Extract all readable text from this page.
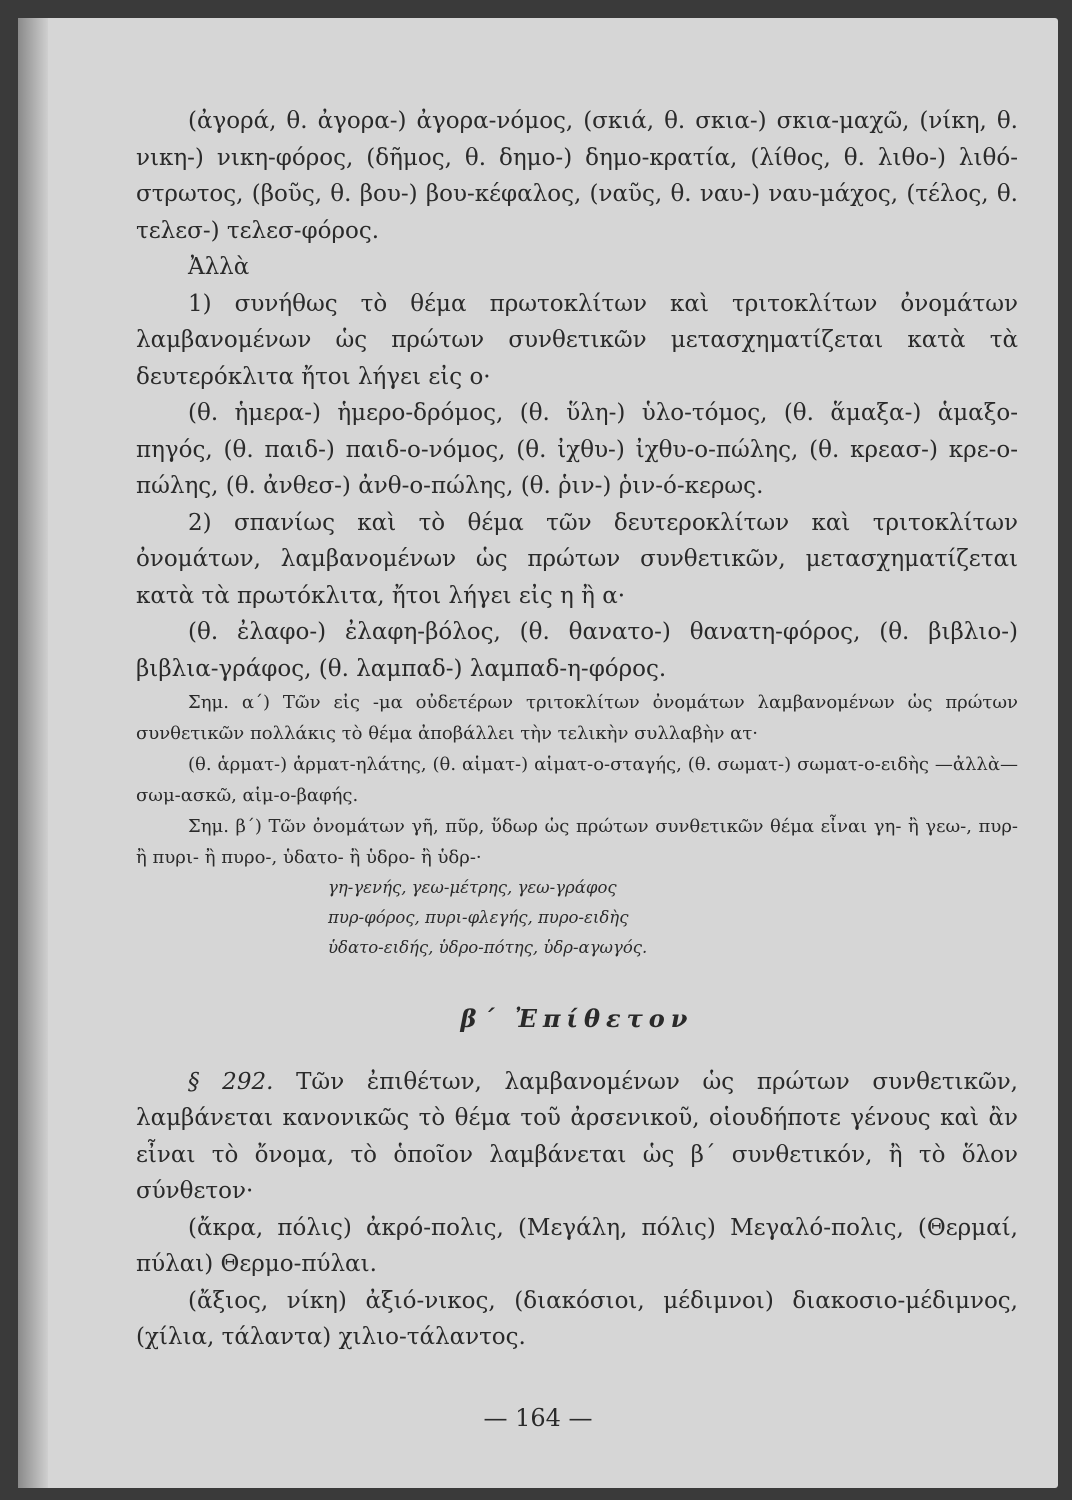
(ἀγορά, θ. ἀγορα-) ἀγορα-νόμος, (σκιά, θ. σκια-) σκια-μαχῶ, (νίκη, θ. νικη-) νικη-φόρος, (δῆμος, θ. δημο-) δημο-κρατία, (λίθος, θ. λιθο-) λιθό-στρωτος, (βοῦς, θ. βου-) βου-κέφαλος, (ναῦς, θ. ναυ-) ναυ-μάχος, (τέλος, θ. τελεσ-) τελεσ-φόρος.

Ἀλλὰ

1) συνήθως τὸ θέμα πρωτοκλίτων καὶ τριτοκλίτων ὀνομάτων λαμβανομένων ὡς πρώτων συνθετικῶν μετασχηματίζεται κατὰ τὰ δευτερόκλιτα ἤτοι λήγει εἰς ο·

(θ. ἡμερα-) ἡμερο-δρόμος, (θ. ὕλη-) ὑλο-τόμος, (θ. ἅμαξα-) ἁμαξο-πηγός, (θ. παιδ-) παιδ-ο-νόμος, (θ. ἰχθυ-) ἰχθυ-ο-πώλης, (θ. κρεασ-) κρε-ο-πώλης, (θ. ἀνθεσ-) ἀνθ-ο-πώλης, (θ. ῥιν-) ῥιν-ό-κερως.

2) σπανίως καὶ τὸ θέμα τῶν δευτεροκλίτων καὶ τριτοκλίτων ὀνομάτων, λαμβανομένων ὡς πρώτων συνθετικῶν, μετασχηματίζεται κατὰ τὰ πρωτόκλιτα, ἤτοι λήγει εἰς η ἢ α·

(θ. ἐλαφο-) ἐλαφη-βόλος, (θ. θανατο-) θανατη-φόρος, (θ. βιβλιο-) βιβλια-γράφος, (θ. λαμπαδ-) λαμπαδ-η-φόρος.

Σημ. α΄) Τῶν εἰς -μα οὐδετέρων τριτοκλίτων ὀνομάτων λαμβανομένων ὡς πρώτων συνθετικῶν πολλάκις τὸ θέμα ἀποβάλλει τὴν τελικὴν συλλαβὴν ατ·

(θ. ἁρματ-) ἁρματ-ηλάτης, (θ. αἱματ-) αἱματ-ο-σταγής, (θ. σωματ-) σωματ-ο-ειδὴς —ἀλλὰ— σωμ-ασκῶ, αἱμ-ο-βαφής.

Σημ. β΄) Τῶν ὀνομάτων γῆ, πῦρ, ὕδωρ ὡς πρώτων συνθετικῶν θέμα εἶναι γη- ἢ γεω-, πυρ- ἢ πυρι- ἢ πυρο-, ὑδατο- ἢ ὑδρο- ἢ ὑδρ-·

γη-γενής, γεω-μέτρης, γεω-γράφος
πυρ-φόρος, πυρι-φλεγής, πυρο-ειδὴς
ὑδατο-ειδής, ὑδρο-πότης, ὑδρ-αγωγός.
β΄ Ἐπίθετον

§ 292. Τῶν ἐπιθέτων, λαμβανομένων ὡς πρώτων συνθετικῶν, λαμβάνεται κανονικῶς τὸ θέμα τοῦ ἀρσενικοῦ, οἱουδήποτε γένους καὶ ἂν εἶναι τὸ ὄνομα, τὸ ὁποῖον λαμβάνεται ὡς β΄ συνθετικόν, ἢ τὸ ὅλον σύνθετον·

(ἄκρα, πόλις) ἀκρό-πολις, (Μεγάλη, πόλις) Μεγαλό-πολις, (Θερμαί, πύλαι) Θερμο-πύλαι.

(ἄξιος, νίκη) ἀξιό-νικος, (διακόσιοι, μέδιμνοι) διακοσιο-μέδιμνος, (χίλια, τάλαντα) χιλιο-τάλαντος.

— 164 —
